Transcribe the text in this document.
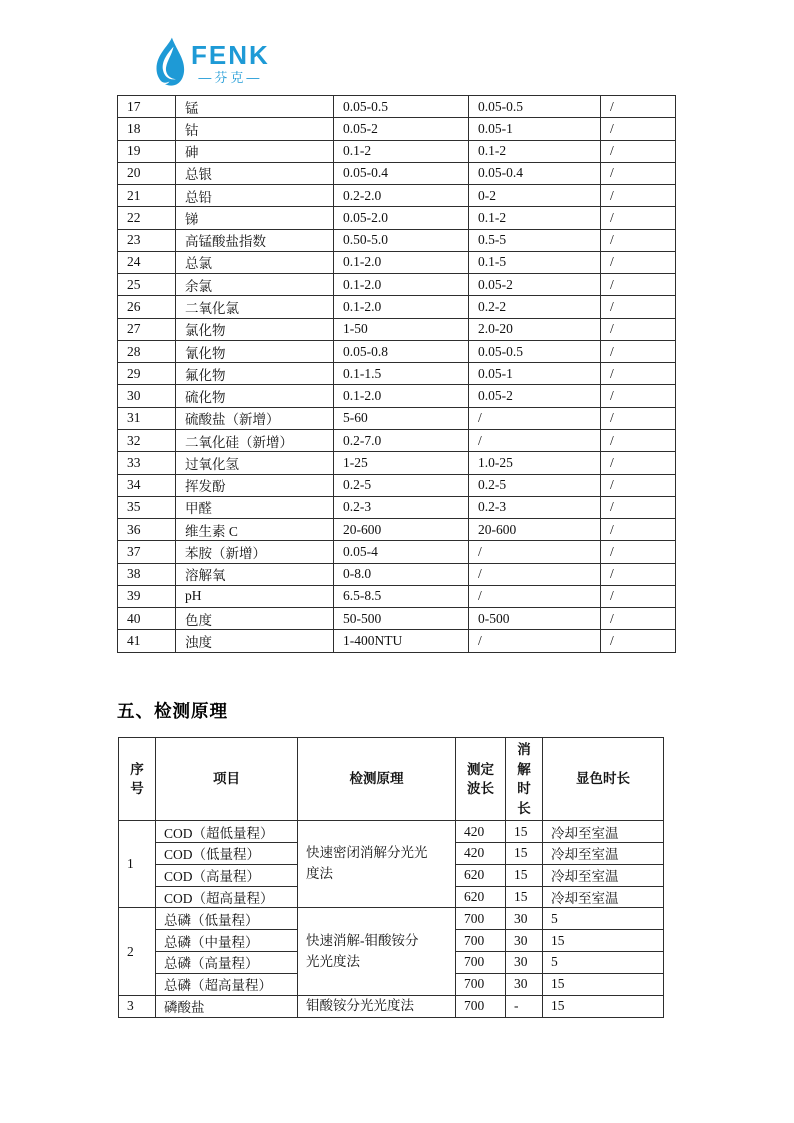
FENK
—芬克—
17	锰	0.05-0.5	0.05-0.5	/
18	钴	0.05-2	0.05-1	/
19	砷	0.1-2	0.1-2	/
20	总银	0.05-0.4	0.05-0.4	/
21	总铅	0.2-2.0	0-2	/
22	锑	0.05-2.0	0.1-2	/
23	高锰酸盐指数	0.50-5.0	0.5-5	/
24	总氯	0.1-2.0	0.1-5	/
25	余氯	0.1-2.0	0.05-2	/
26	二氧化氯	0.1-2.0	0.2-2	/
27	氯化物	1-50	2.0-20	/
28	氰化物	0.05-0.8	0.05-0.5	/
29	氟化物	0.1-1.5	0.05-1	/
30	硫化物	0.1-2.0	0.05-2	/
31	硫酸盐（新增）	5-60	/	/
32	二氧化硅（新增）	0.2-7.0	/	/
33	过氧化氢	1-25	1.0-25	/
34	挥发酚	0.2-5	0.2-5	/
35	甲醛	0.2-3	0.2-3	/
36	维生素 C	20-600	20-600	/
37	苯胺（新增）	0.05-4	/	/
38	溶解氧	0-8.0	/	/
39	pH	6.5-8.5	/	/
40	色度	50-500	0-500	/
41	浊度	1-400NTU	/	/
五、检测原理
序号	项目	检测原理	测定波长	消解时长	显色时长
1	COD（超低量程）	快速密闭消解分光光度法	420	15	冷却至室温
	COD（低量程）		420	15	冷却至室温
	COD（高量程）		620	15	冷却至室温
	COD（超高量程）		620	15	冷却至室温
2	总磷（低量程）	快速消解-钼酸铵分光光度法	700	30	5
	总磷（中量程）		700	30	15
	总磷（高量程）		700	30	5
	总磷（超高量程）		700	30	15
3	磷酸盐	钼酸铵分光光度法	700	-	15
